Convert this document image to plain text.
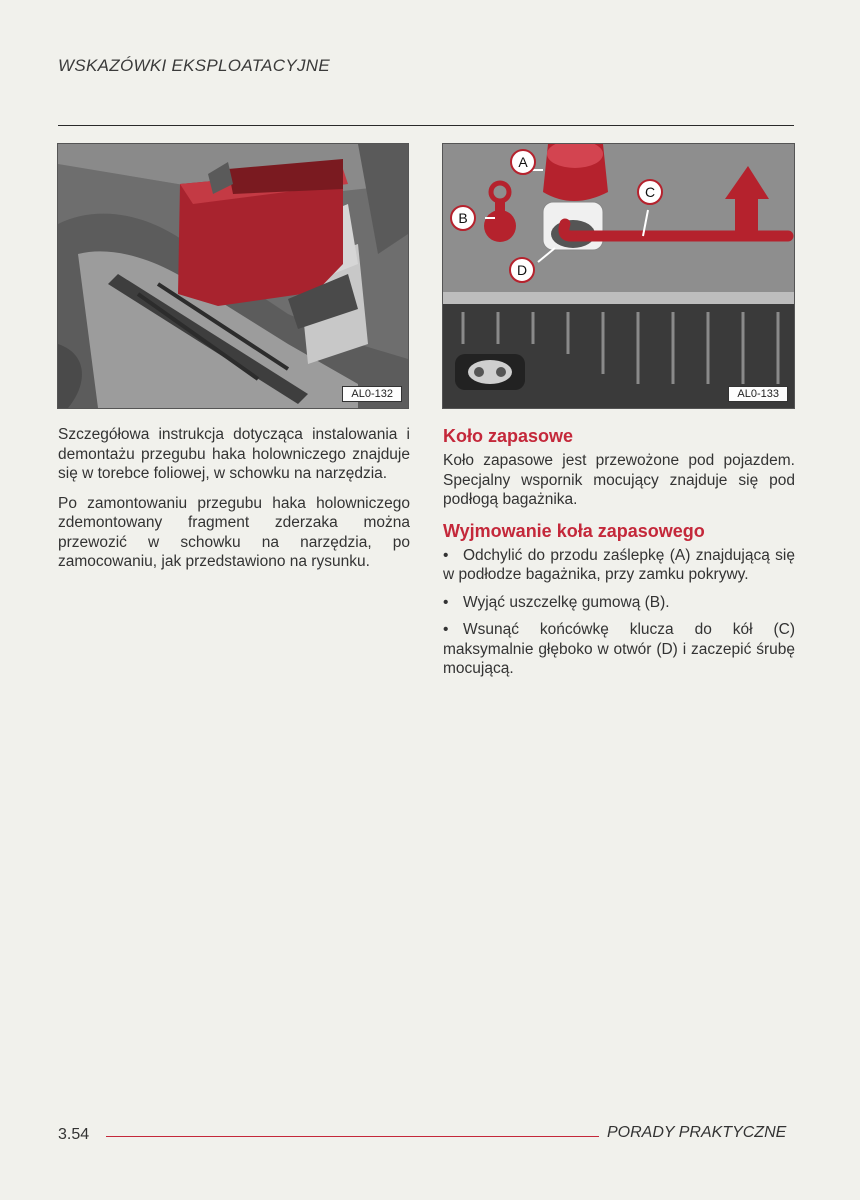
WSKAZÓWKI EKSPLOATACYJNE
AL0-132
A
B
C
D
AL0-133

Szczegółowa instrukcja dotycząca instalowania i demontażu przegubu haka holowniczego znajduje się w torebce foliowej, w schowku na narzędzia.

Po zamontowaniu przegubu haka holowniczego zdemontowany fragment zderzaka można przewozić w schowku na narzędzia, po zamocowaniu, jak przedstawiono na rysunku.

Koło zapasowe

Koło zapasowe jest przewożone pod pojazdem. Specjalny wspornik mocujący znajduje się pod podłogą bagażnika.

Wyjmowanie koła zapasowego
• Odchylić do przodu zaślepkę (A) znajdującą się w podłodze bagażnika, przy zamku pokrywy.
• Wyjąć uszczelkę gumową (B).
• Wsunąć końcówkę klucza do kół (C) maksymalnie głęboko w otwór (D) i zaczepić śrubę mocującą.
3.54	PORADY PRAKTYCZNE
